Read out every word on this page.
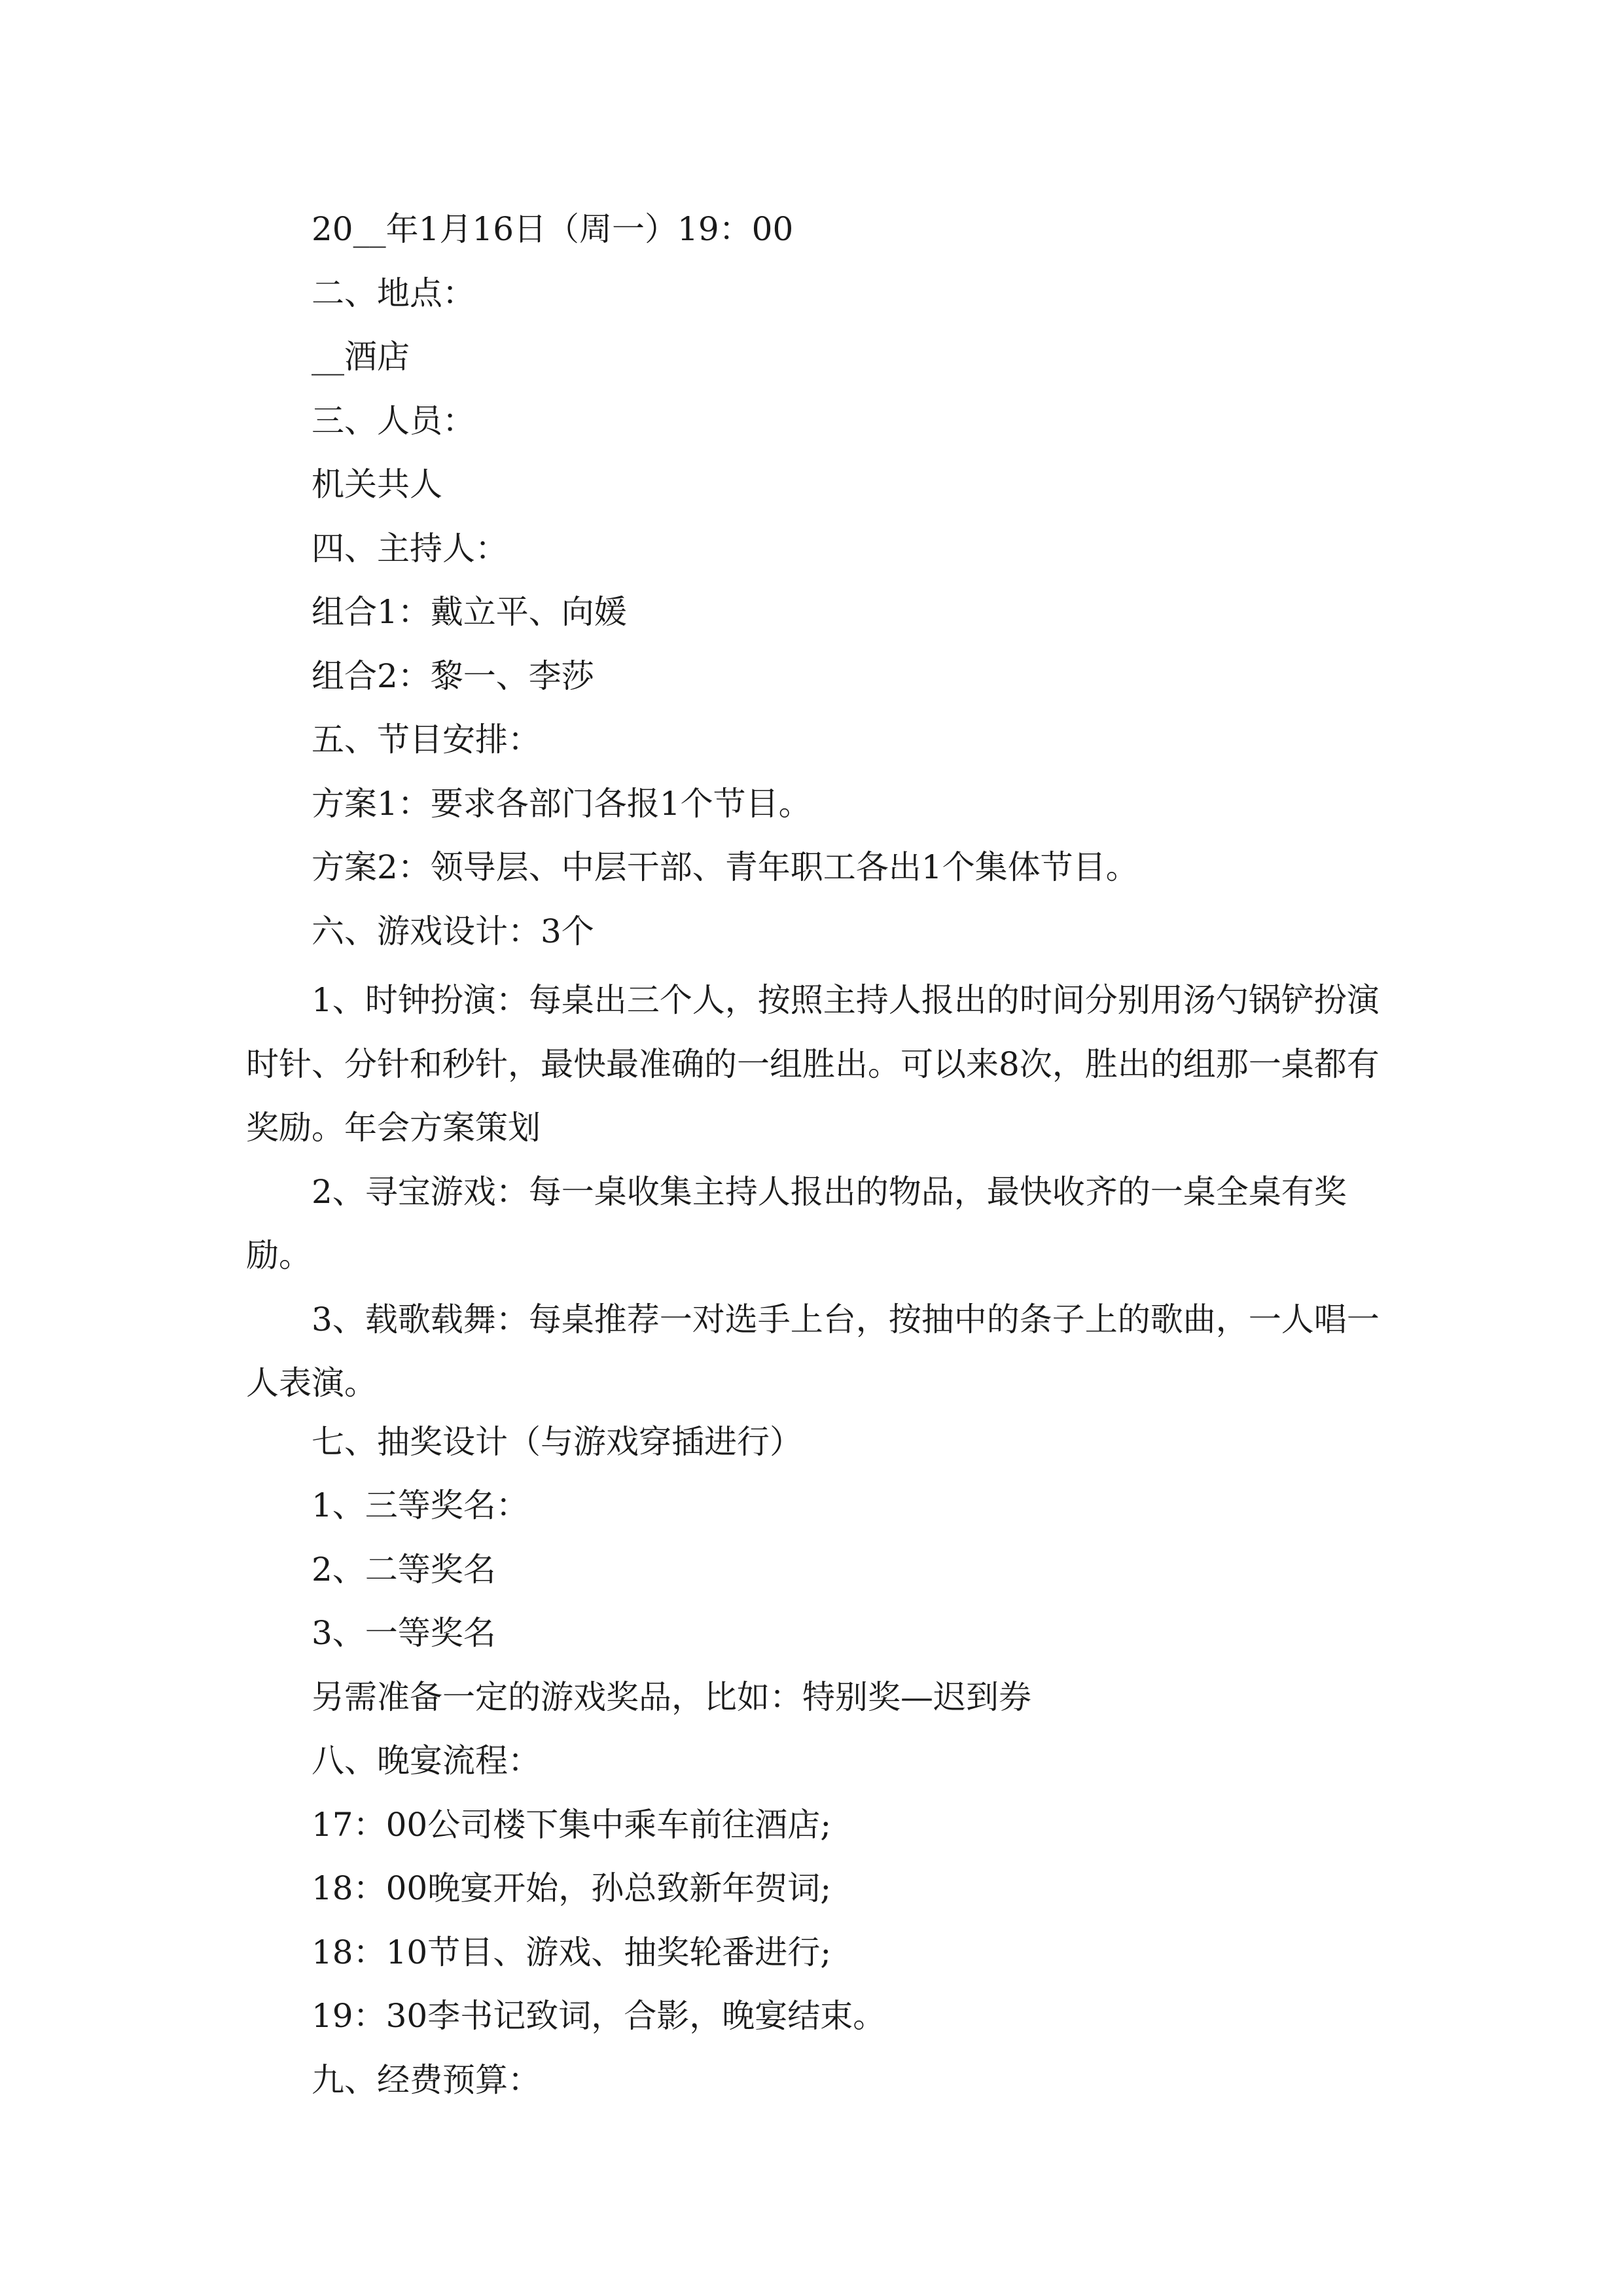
20__年1月16日（周一）19：00
二、地点：
__酒店
三、人员：
机关共人
四、主持人：
组合1：戴立平、向媛
组合2：黎一、李莎
五、节目安排：
方案1：要求各部门各报1个节目。
方案2：领导层、中层干部、青年职工各出1个集体节目。
六、游戏设计：3个
1、时钟扮演：每桌出三个人，按照主持人报出的时间分别用汤勺锅铲扮演时针、分针和秒针，最快最准确的一组胜出。可以来8次，胜出的组那一桌都有奖励。年会方案策划
2、寻宝游戏：每一桌收集主持人报出的物品，最快收齐的一桌全桌有奖励。
3、载歌载舞：每桌推荐一对选手上台，按抽中的条子上的歌曲，一人唱一人表演。
七、抽奖设计（与游戏穿插进行）
1、三等奖名：
2、二等奖名
3、一等奖名
另需准备一定的游戏奖品，比如：特别奖—迟到券
八、晚宴流程：
17：00公司楼下集中乘车前往酒店;
18：00晚宴开始，孙总致新年贺词;
18：10节目、游戏、抽奖轮番进行;
19：30李书记致词，合影，晚宴结束。
九、经费预算：
